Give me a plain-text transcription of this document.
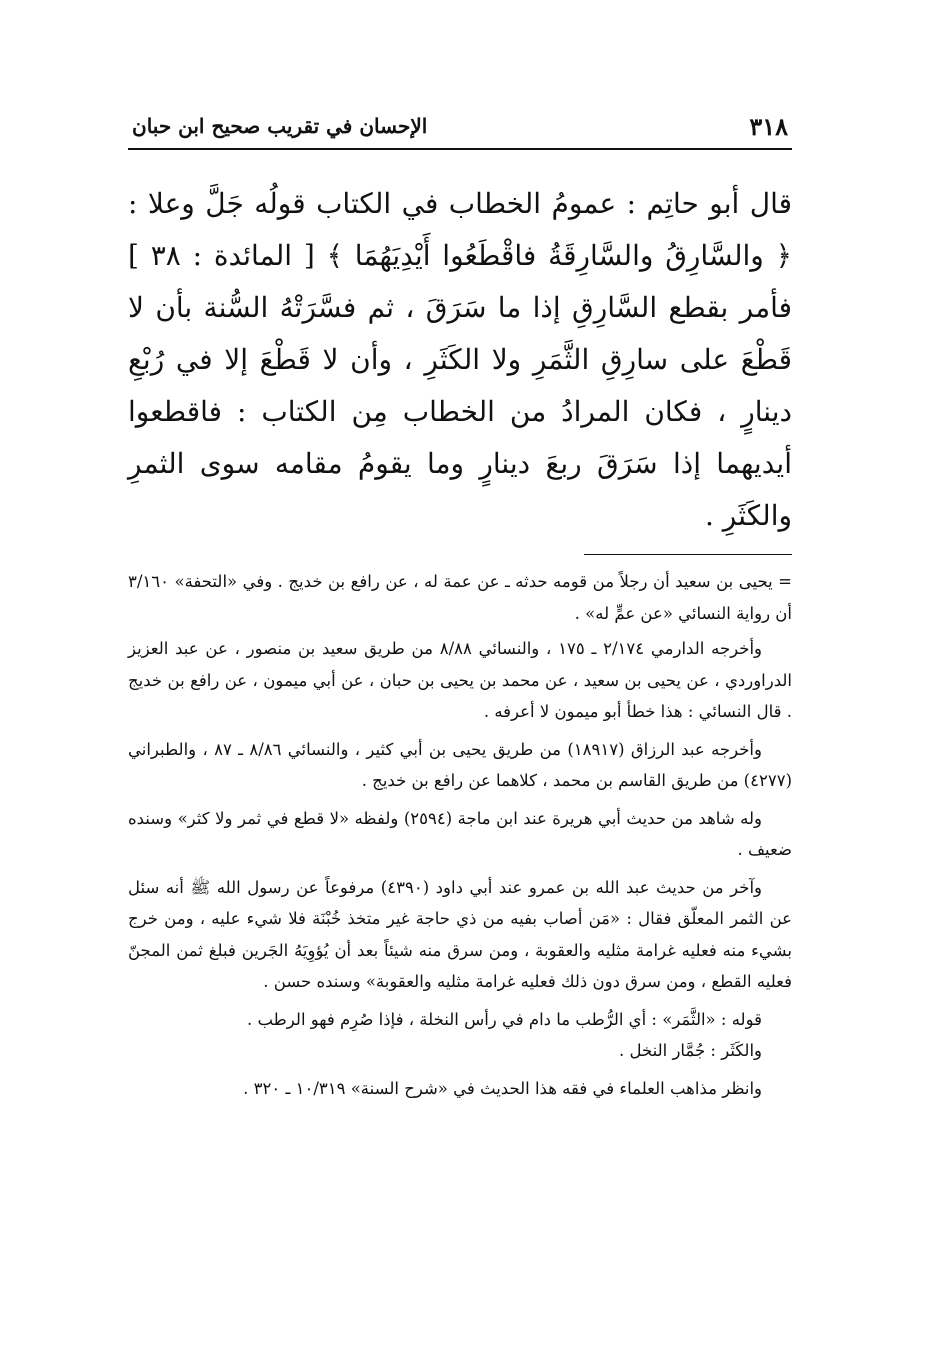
٣١٨
الإحسان في تقريب صحيح ابن حبان

قال أبو حاتِم : عمومُ الخطاب في الكتاب قولُه جَلَّ وعلا : ﴿ والسَّارِقُ والسَّارِقَةُ فاقْطَعُوا أَيْدِيَهُمَا ﴾ [ المائدة : ٣٨ ] فأمر بقطع السَّارِقِ إذا ما سَرَقَ ، ثم فسَّرَتْهُ السُّنة بأن لا قَطْعَ على سارِقِ الثَّمَرِ ولا الكَثَرِ ، وأن لا قَطْعَ إلا في رُبْعِ دينارٍ ، فكان المرادُ من الخطاب مِن الكتاب : فاقطعوا أيديهما إذا سَرَقَ ربعَ دينارٍ وما يقومُ مقامه سوى الثمرِ والكَثَرِ .

= يحيى بن سعيد أن رجلاً من قومه حدثه ـ عن عمة له ، عن رافع بن خديج . وفي «التحفة» ٣/١٦٠ أن رواية النسائي «عن عمٍّ له» .

وأخرجه الدارمي ٢/١٧٤ ـ ١٧٥ ، والنسائي ٨/٨٨ من طريق سعيد بن منصور ، عن عبد العزيز الدراوردي ، عن يحيى بن سعيد ، عن محمد بن يحيى بن حبان ، عن أبي ميمون ، عن رافع بن خديج . قال النسائي : هذا خطأ أبو ميمون لا أعرفه .

وأخرجه عبد الرزاق (١٨٩١٧) من طريق يحيى بن أبي كثير ، والنسائي ٨/٨٦ ـ ٨٧ ، والطبراني (٤٢٧٧) من طريق القاسم بن محمد ، كلاهما عن رافع بن خديج .

وله شاهد من حديث أبي هريرة عند ابن ماجة (٢٥٩٤) ولفظه «لا قطع في ثمر ولا كثر» وسنده ضعيف .

وآخر من حديث عبد الله بن عمرو عند أبي داود (٤٣٩٠) مرفوعاً عن رسول الله ﷺ أنه سئل عن الثمر المعلّق فقال : «مَن أصاب بفيه من ذي حاجة غير متخذ خُبْنَة فلا شيء عليه ، ومن خرج بشيء منه فعليه غرامة مثليه والعقوبة ، ومن سرق منه شيئاً بعد أن يُؤوِيَهُ الجَرين فبلغ ثمن المجنّ فعليه القطع ، ومن سرق دون ذلك فعليه غرامة مثليه والعقوبة» وسنده حسن .

قوله : «الثَّمَر» : أي الرُّطب ما دام في رأس النخلة ، فإذا صُرِم فهو الرطب .

والكَثَر : جُمَّار النخل .

وانظر مذاهب العلماء في فقه هذا الحديث في «شرح السنة» ١٠/٣١٩ ـ ٣٢٠ .
